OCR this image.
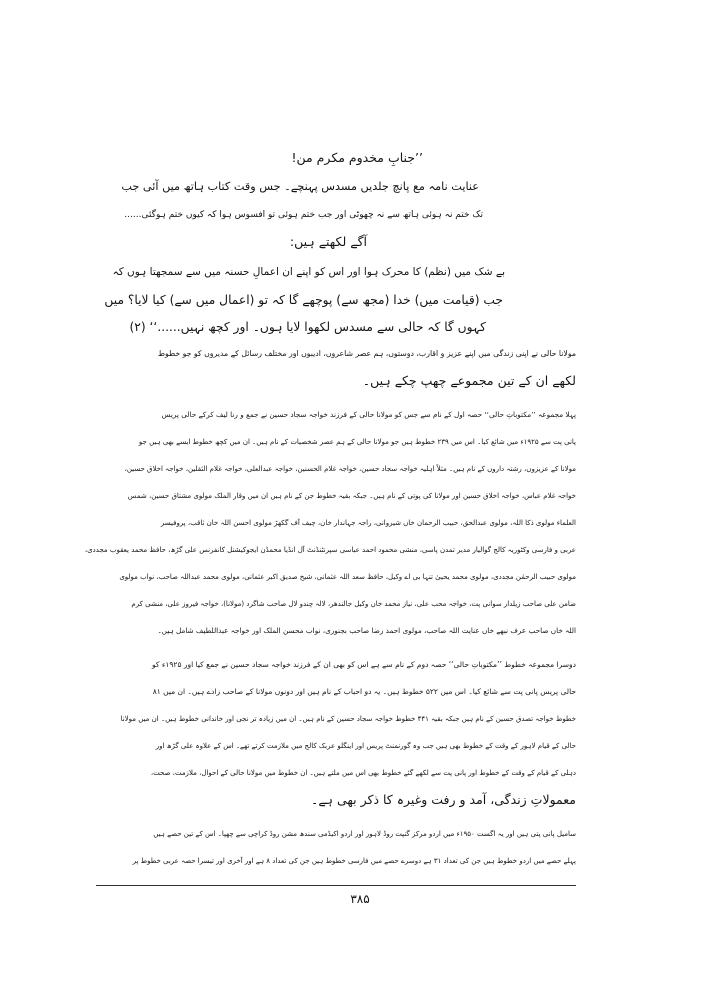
’’جنابِ مخدوم مکرم من!
عنایت نامہ مع پانچ جلدیں مسدس پہنچے۔ جس وقت کتاب ہاتھ میں آئی جب
تک ختم نہ ہوئی ہاتھ سے نہ چھوٹی اور جب ختم ہوئی تو افسوس ہوا کہ کیوں ختم ہوگئی......
آگے لکھتے ہیں:
بے شک میں (نظم) کا محرک ہوا اور اس کو اپنے ان اعمالِ حسنہ میں سے سمجھتا ہوں کہ
جب (قیامت میں) خدا (مجھ سے) پوچھے گا کہ تو (اعمال میں سے) کیا لایا؟ میں
کہوں گا کہ حالی سے مسدس لکھوا لایا ہوں۔ اور کچھ نہیں......‘‘ (۲)
مولانا حالی نے اپنی زندگی میں اپنے عزیز و اقارب، دوستوں، ہم عصر شاعروں، ادیبوں اور مختلف رسائل کے مدیروں کو جو خطوط
لکھے ان کے تین مجموعے چھپ چکے ہیں۔
پہلا مجموعہ ’’مکتوباتِ حالی‘‘ حصہ اول کے نام سے جس کو مولانا حالی کے فرزند خواجہ سجاد حسین نے جمع و رنا لیف کرکے حالی پریس
پانی پت سے ۱۹۲۵ء میں شائع کیا۔ اس میں ۲۳۹ خطوط ہیں جو مولانا حالی کے ہم عصر شخصیات کے نام ہیں۔ ان میں کچھ خطوط ایسے بھی ہیں جو
مولانا کے عزیزوں، رشتہ داروں کے نام ہیں۔ مثلاً اہلیہ خواجہ سجاد حسین، خواجہ غلام الحسنین، خواجہ عبدالعلی، خواجہ غلام الثقلین، خواجہ اخلاق حسین،
خواجہ غلام عباس، خواجہ اخلاق حسین اور مولانا کی پوتی کے نام ہیں۔ جبکہ بقیہ خطوط جن کے نام ہیں ان میں وقار الملک مولوی مشتاق حسین، شمس
العلماء مولوی ذکا اللہ، مولوی عبدالحق، حبیب الرحمان خاں شیروانی، راجہ جہاندار خان، چیف آف گکھڑ مولوی احسن اللہ خان ثاقب، پروفیسر
عربی و فارسی وکٹوریہ کالج گوالیار مدیر تمدن پاسی، منشی محمود احمد عباسی سپرنٹنڈنٹ آل انڈیا محمڈن ایجوکیشنل کانفرنس علی گڑھ، حافظ محمد یعقوب مجددی،
مولوی حبیب الرحمٰن مجددی، مولوی محمد یحییٰ تنہا بی اے وکیل، حافظ سعد اللہ عثمانی، شیخ صدیق اکبر عثمانی، مولوی محمد عبداللہ صاحب، نواب مولوی
ضامن علی صاحب زیلدار سوانی پت، خواجہ محب علی، نیاز محمد خاں وکیل جالندھر، لالہ چندو لال صاحب شاگرد (مولانا)، خواجہ فیروز علی، منشی کرم
اللہ خاں صاحب عرف نبھے خاں عنایت اللہ صاحب، مولوی احمد رضا صاحب بجنوری، نواب محسن الملک اور خواجہ عبداللطیف شامل ہیں۔
دوسرا مجموعہ خطوط ’’مکتوباتِ حالی‘‘ حصہ دوم کے نام سے ہے اس کو بھی ان کے فرزند خواجہ سجاد حسین نے جمع کیا اور ۱۹۲۵ء کو
حالی پریس پانی پت سے شائع کیا۔ اس میں ۵۲۲ خطوط ہیں۔ یہ دو احباب کے نام ہیں اور دونوں مولانا کے صاحب زادے ہیں۔ ان میں ۸۱
خطوط خواجہ تصدق حسین کے نام ہیں جبکہ بقیہ ۴۴۱ خطوط خواجہ سجاد حسین کے نام ہیں۔ ان میں زیادہ تر نجی اور خاندانی خطوط ہیں۔ ان میں مولانا
حالی کے قیام لاہور کے وقت کے خطوط بھی ہیں جب وہ گورنمنٹ پریس اور اینگلو عربک کالج میں ملازمت کرتے تھے۔ اس کے علاوہ علی گڑھ اور
دہلی کے قیام کے وقت کے خطوط اور پانی پت سے لکھے گئے خطوط بھی اس میں ملتے ہیں۔ ان خطوط میں مولانا حالی کے احوال، ملازمت، صحت،
معمولاتِ زندگی، آمد و رفت وغیرہ کا ذکر بھی ہے۔
سامیل پانی پتی ہیں اور یہ اگست ۱۹۵۰ء میں اردو مرکز گنپت روڈ لاہور اور اردو اکیڈمی سندھ مشن روڈ کراچی سے چھپا۔ اس کے تین حصے ہیں
پہلے حصے میں اردو خطوط ہیں جن کی تعداد ۳۱ ہے دوسرے حصے میں فارسی خطوط ہیں جن کی تعداد ۸ ہے اور آخری اور تیسرا حصہ عربی خطوط پر
۳۸۵
